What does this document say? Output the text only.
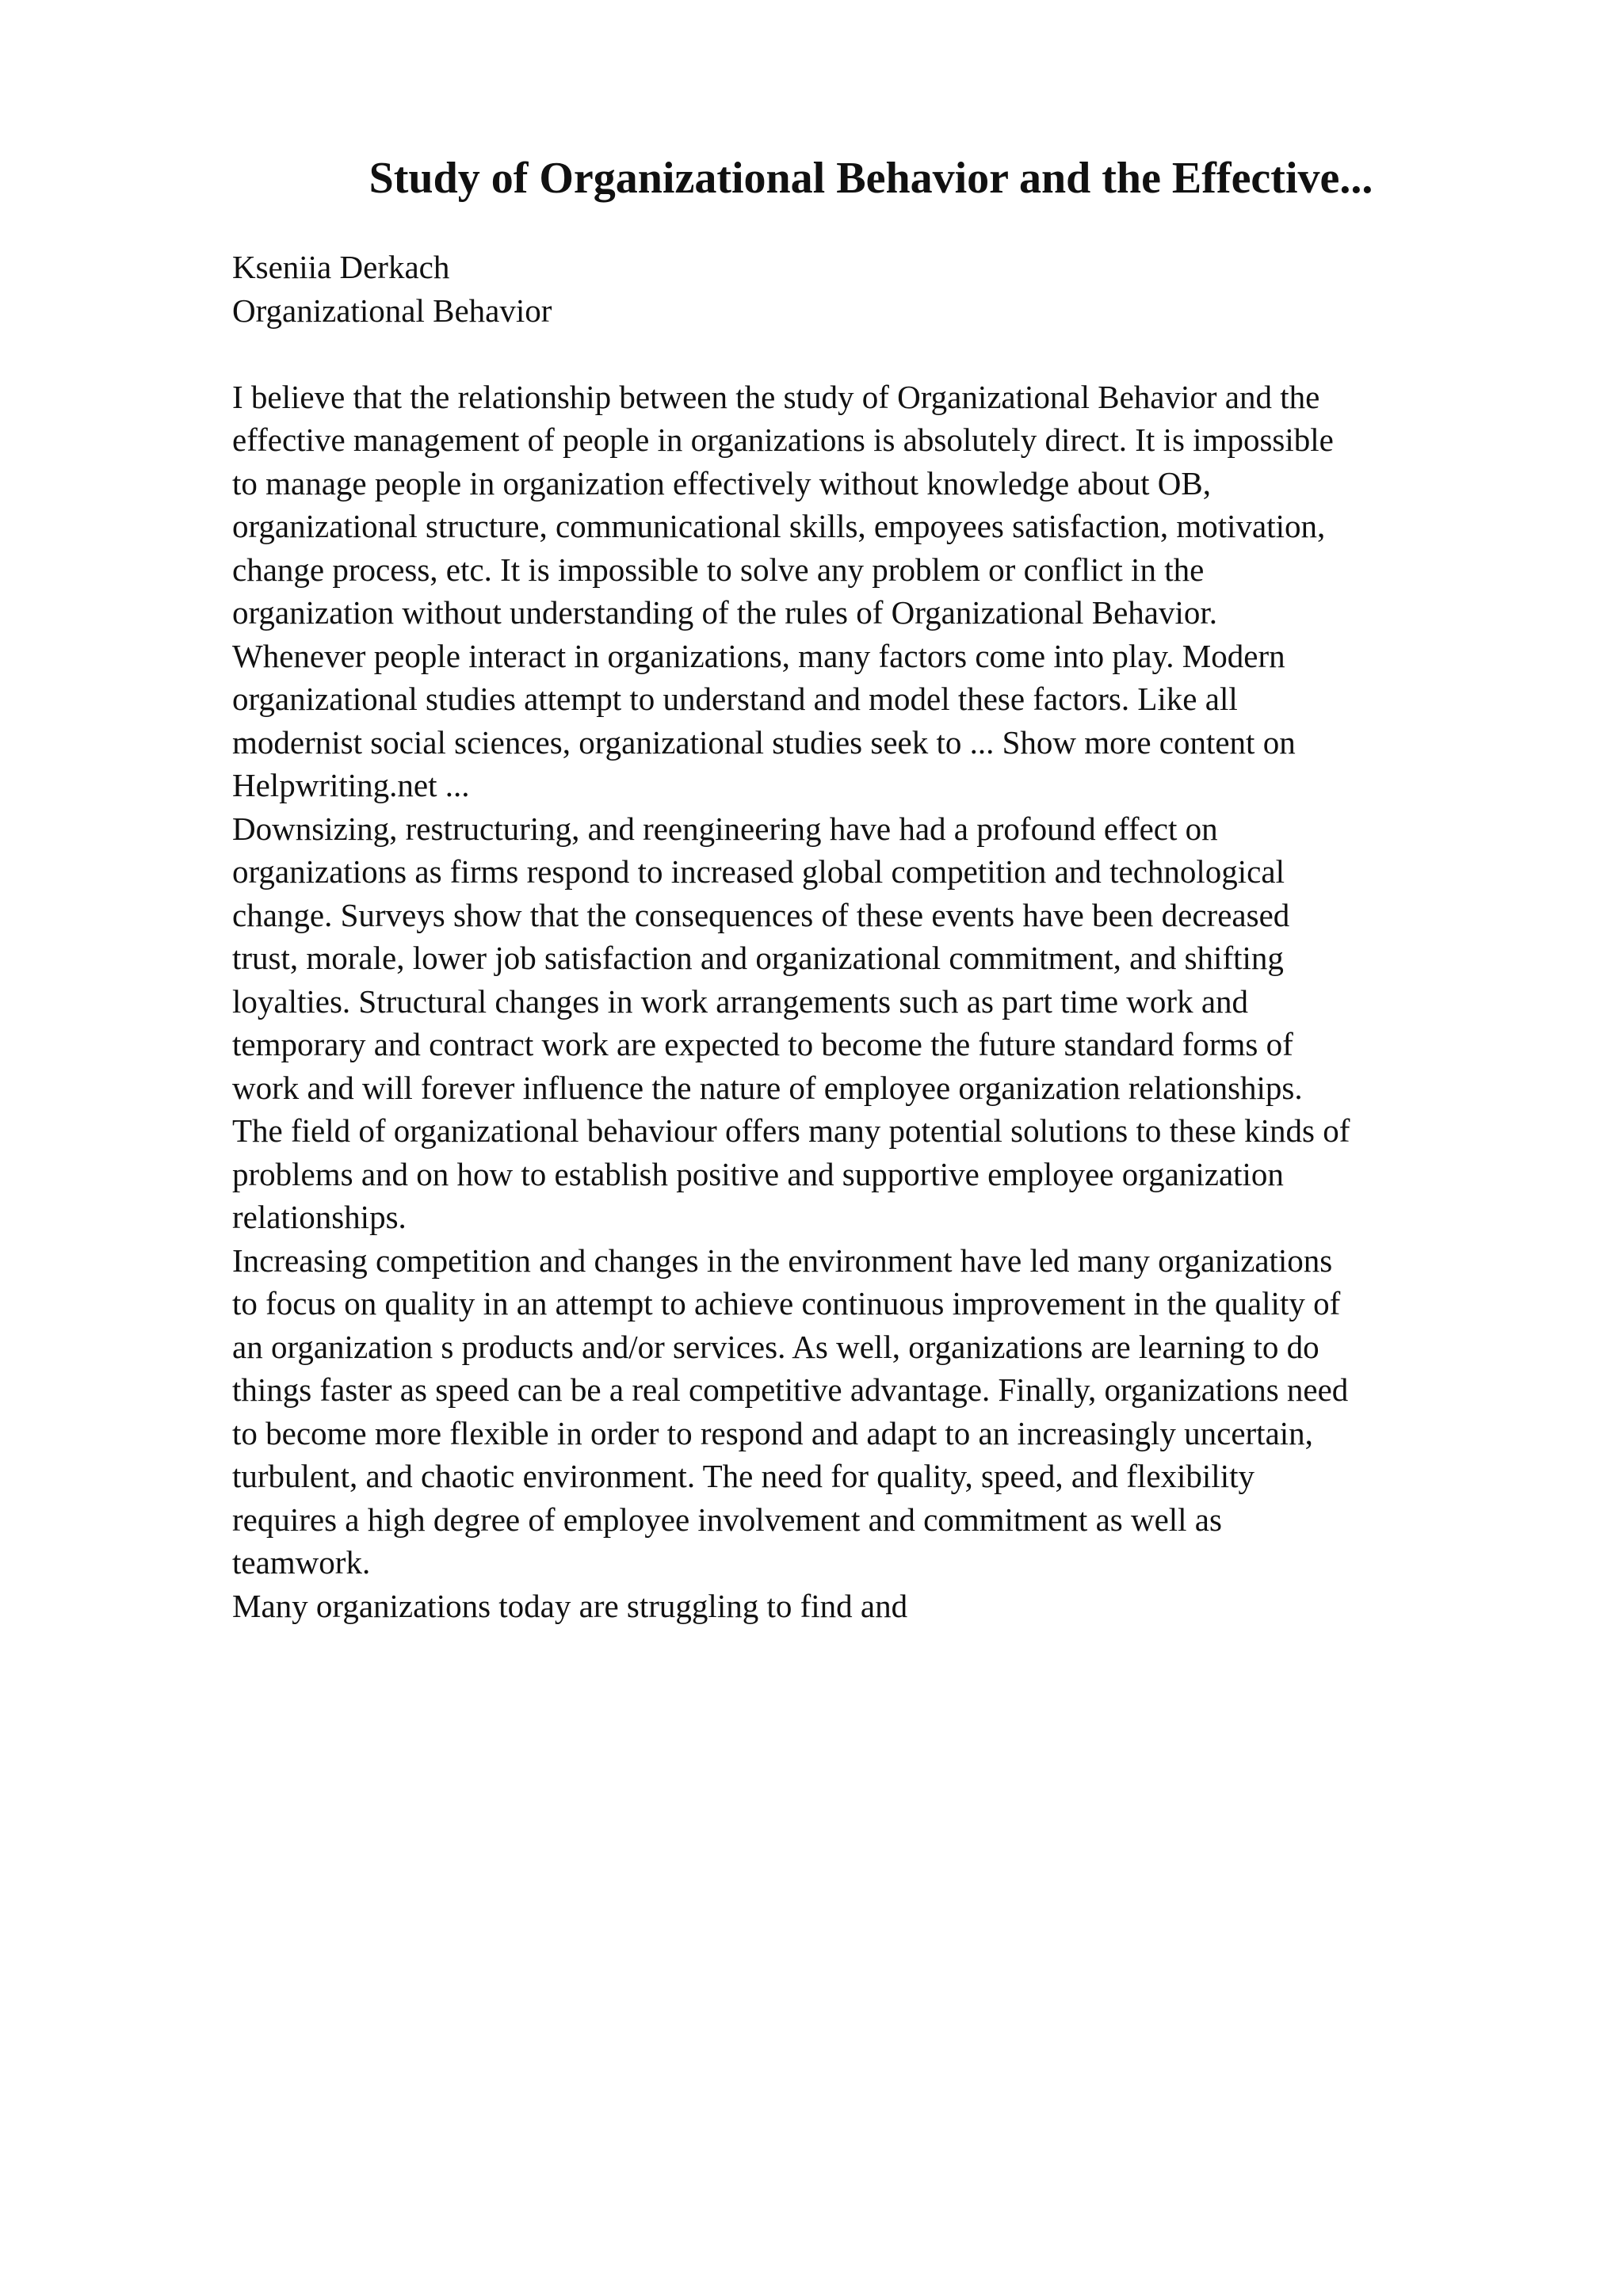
Study of Organizational Behavior and the Effective...
Kseniia Derkach
Organizational Behavior
I believe that the relationship between the study of Organizational Behavior and the
effective management of people in organizations is absolutely direct. It is impossible
to manage people in organization effectively without knowledge about OB,
organizational structure, communicational skills, empoyees satisfaction, motivation,
change process, etc. It is impossible to solve any problem or conflict in the
organization without understanding of the rules of Organizational Behavior.
Whenever people interact in organizations, many factors come into play. Modern
organizational studies attempt to understand and model these factors. Like all
modernist social sciences, organizational studies seek to ... Show more content on
Helpwriting.net ...
Downsizing, restructuring, and reengineering have had a profound effect on
organizations as firms respond to increased global competition and technological
change. Surveys show that the consequences of these events have been decreased
trust, morale, lower job satisfaction and organizational commitment, and shifting
loyalties. Structural changes in work arrangements such as part time work and
temporary and contract work are expected to become the future standard forms of
work and will forever influence the nature of employee organization relationships.
The field of organizational behaviour offers many potential solutions to these kinds of
problems and on how to establish positive and supportive employee organization
relationships.
Increasing competition and changes in the environment have led many organizations
to focus on quality in an attempt to achieve continuous improvement in the quality of
an organization s products and/or services. As well, organizations are learning to do
things faster as speed can be a real competitive advantage. Finally, organizations need
to become more flexible in order to respond and adapt to an increasingly uncertain,
turbulent, and chaotic environment. The need for quality, speed, and flexibility
requires a high degree of employee involvement and commitment as well as
teamwork.
Many organizations today are struggling to find and
